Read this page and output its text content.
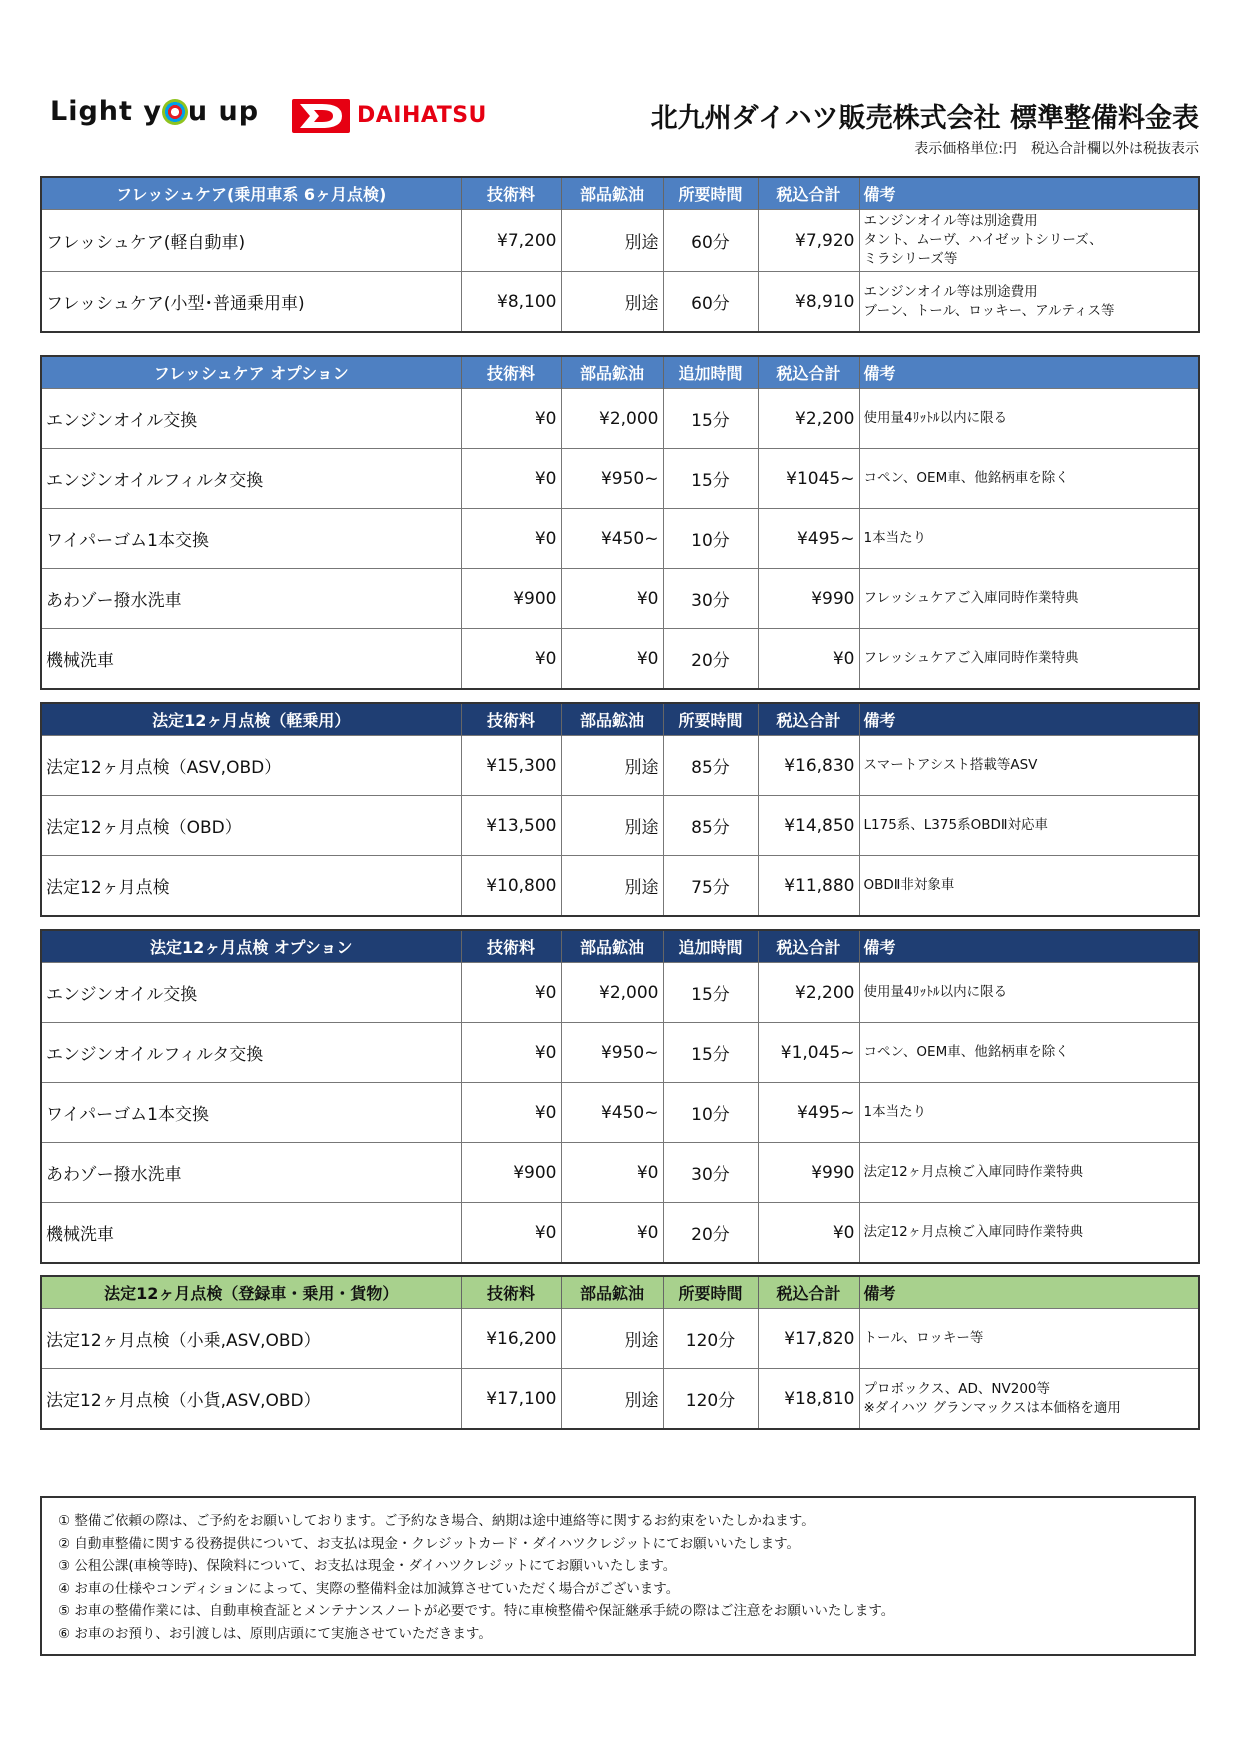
Light y u up	DAIHATSU	北九州ダイハツ販売株式会社 標準整備料金表
表示価格単位:円　税込合計欄以外は税抜表示
フレッシュケア(乗用車系 6ヶ月点検)	技術料	部品鉱油	所要時間	税込合計	備考
フレッシュケア(軽自動車)	¥7,200	別途	60分	¥7,920	エンジンオイル等は別途費用
タント、ムーヴ、ハイゼットシリーズ、
ミラシリーズ等
フレッシュケア(小型･普通乗用車)	¥8,100	別途	60分	¥8,910	エンジンオイル等は別途費用
ブーン、トール、ロッキー、アルティス等
フレッシュケア オプション	技術料	部品鉱油	追加時間	税込合計	備考
エンジンオイル交換	¥0	¥2,000	15分	¥2,200	使用量4ﾘｯﾄﾙ以内に限る
エンジンオイルフィルタ交換	¥0	¥950~	15分	¥1045~	コペン、OEM車、他銘柄車を除く
ワイパーゴム1本交換	¥0	¥450~	10分	¥495~	1本当たり
あわゾー撥水洗車	¥900	¥0	30分	¥990	フレッシュケアご入庫同時作業特典
機械洗車	¥0	¥0	20分	¥0	フレッシュケアご入庫同時作業特典
法定12ヶ月点検（軽乗用）	技術料	部品鉱油	所要時間	税込合計	備考
法定12ヶ月点検（ASV,OBD）	¥15,300	別途	85分	¥16,830	スマートアシスト搭載等ASV
法定12ヶ月点検（OBD）	¥13,500	別途	85分	¥14,850	L175系、L375系OBDⅡ対応車
法定12ヶ月点検	¥10,800	別途	75分	¥11,880	OBDⅡ非対象車
法定12ヶ月点検 オプション	技術料	部品鉱油	追加時間	税込合計	備考
エンジンオイル交換	¥0	¥2,000	15分	¥2,200	使用量4ﾘｯﾄﾙ以内に限る
エンジンオイルフィルタ交換	¥0	¥950~	15分	¥1,045~	コペン、OEM車、他銘柄車を除く
ワイパーゴム1本交換	¥0	¥450~	10分	¥495~	1本当たり
あわゾー撥水洗車	¥900	¥0	30分	¥990	法定12ヶ月点検ご入庫同時作業特典
機械洗車	¥0	¥0	20分	¥0	法定12ヶ月点検ご入庫同時作業特典
法定12ヶ月点検（登録車・乗用・貨物）	技術料	部品鉱油	所要時間	税込合計	備考
法定12ヶ月点検（小乗,ASV,OBD）	¥16,200	別途	120分	¥17,820	トール、ロッキー等
法定12ヶ月点検（小貨,ASV,OBD）	¥17,100	別途	120分	¥18,810	プロボックス、AD、NV200等
※ダイハツ グランマックスは本価格を適用
① 整備ご依頼の際は、ご予約をお願いしております。ご予約なき場合、納期は途中連絡等に関するお約束をいたしかねます。
② 自動車整備に関する役務提供について、お支払は現金・クレジットカード・ダイハツクレジットにてお願いいたします。
③ 公租公課(車検等時)、保険料について、お支払は現金・ダイハツクレジットにてお願いいたします。
④ お車の仕様やコンディションによって、実際の整備料金は加減算させていただく場合がございます。
⑤ お車の整備作業には、自動車検査証とメンテナンスノートが必要です。特に車検整備や保証継承手続の際はご注意をお願いいたします。
⑥ お車のお預り、お引渡しは、原則店頭にて実施させていただきます。
